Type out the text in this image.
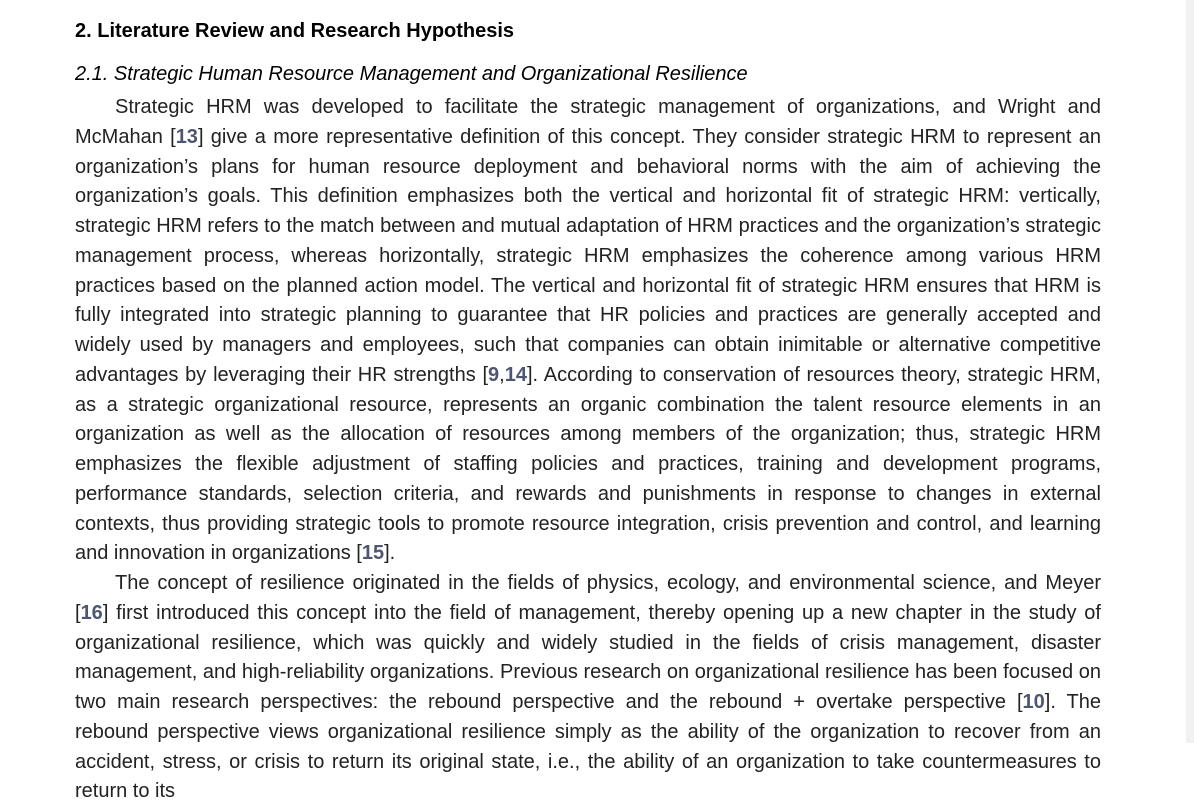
2. Literature Review and Research Hypothesis
2.1. Strategic Human Resource Management and Organizational Resilience

Strategic HRM was developed to facilitate the strategic management of organizations, and Wright and McMahan [13] give a more representative definition of this concept. They consider strategic HRM to represent an organization’s plans for human resource deployment and behavioral norms with the aim of achieving the organization’s goals. This definition emphasizes both the vertical and horizontal fit of strategic HRM: vertically, strategic HRM refers to the match between and mutual adaptation of HRM practices and the organization’s strategic management process, whereas horizontally, strategic HRM emphasizes the coherence among various HRM practices based on the planned action model. The vertical and horizontal fit of strategic HRM ensures that HRM is fully integrated into strategic planning to guarantee that HR policies and practices are generally accepted and widely used by managers and employees, such that companies can obtain inimitable or alternative competitive advantages by leveraging their HR strengths [9,14]. According to conservation of resources theory, strategic HRM, as a strategic organizational resource, represents an organic combination the talent resource elements in an organization as well as the allocation of resources among members of the organization; thus, strategic HRM emphasizes the flexible adjustment of staffing policies and practices, training and development programs, performance standards, selection criteria, and rewards and punishments in response to changes in external contexts, thus providing strategic tools to promote resource integration, crisis prevention and control, and learning and innovation in organizations [15].

The concept of resilience originated in the fields of physics, ecology, and environmental science, and Meyer [16] first introduced this concept into the field of management, thereby opening up a new chapter in the study of organizational resilience, which was quickly and widely studied in the fields of crisis management, disaster management, and high-reliability organizations. Previous research on organizational resilience has been focused on two main research perspectives: the rebound perspective and the rebound + overtake perspective [10]. The rebound perspective views organizational resilience simply as the ability of the organization to recover from an accident, stress, or crisis to return its original state, i.e., the ability of an organization to take countermeasures to return to its
